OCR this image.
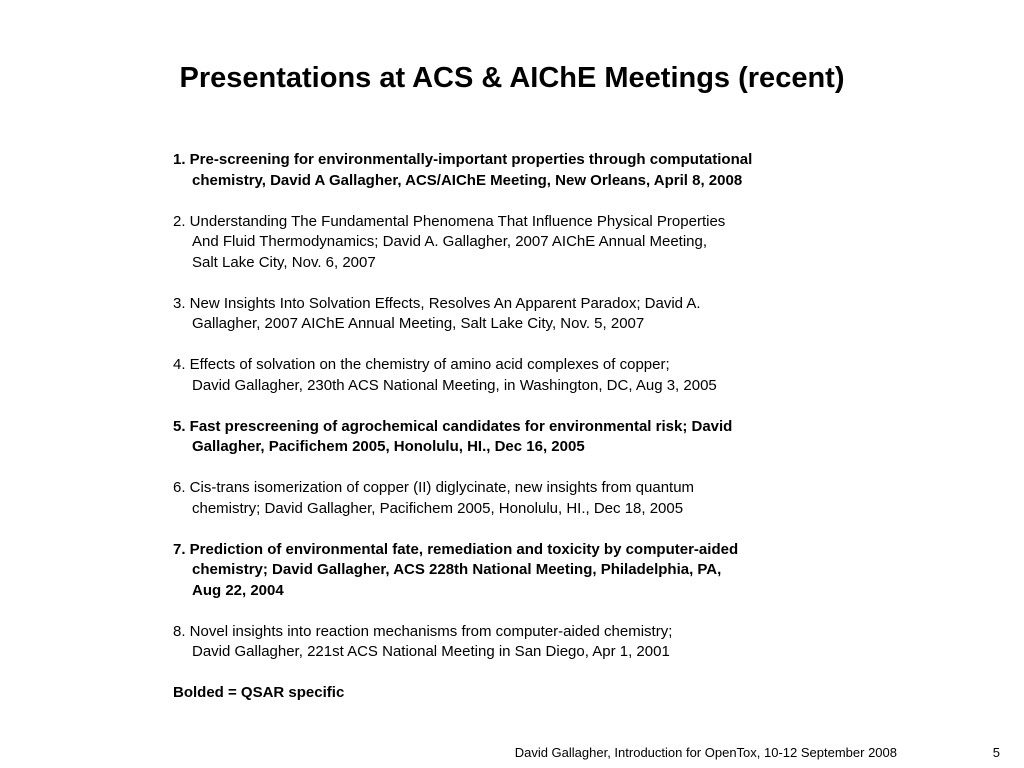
Presentations at ACS & AIChE Meetings (recent)
1. Pre-screening for environmentally-important properties through computational
chemistry, David A Gallagher, ACS/AIChE Meeting, New Orleans, April 8, 2008
2. Understanding The Fundamental Phenomena That Influence Physical Properties
And Fluid Thermodynamics; David A. Gallagher, 2007 AIChE Annual Meeting,
Salt Lake City, Nov. 6, 2007
3. New Insights Into Solvation Effects, Resolves An Apparent Paradox; David A.
Gallagher, 2007 AIChE Annual Meeting, Salt Lake City, Nov. 5, 2007
4. Effects of solvation on the chemistry of amino acid complexes of copper;
David Gallagher, 230th ACS National Meeting, in Washington, DC, Aug 3, 2005
5. Fast prescreening of agrochemical candidates for environmental risk; David
Gallagher, Pacifichem 2005, Honolulu, HI., Dec 16, 2005
6. Cis-trans isomerization of copper (II) diglycinate, new insights from quantum
chemistry; David Gallagher, Pacifichem 2005, Honolulu, HI., Dec 18, 2005
7. Prediction of environmental fate, remediation and toxicity by computer-aided
chemistry; David Gallagher, ACS 228th National Meeting, Philadelphia, PA,
Aug 22, 2004
8. Novel insights into reaction mechanisms from computer-aided chemistry;
David Gallagher, 221st ACS National Meeting in San Diego, Apr 1, 2001
Bolded = QSAR specific
David Gallagher, Introduction for OpenTox, 10-12 September 2008	5
